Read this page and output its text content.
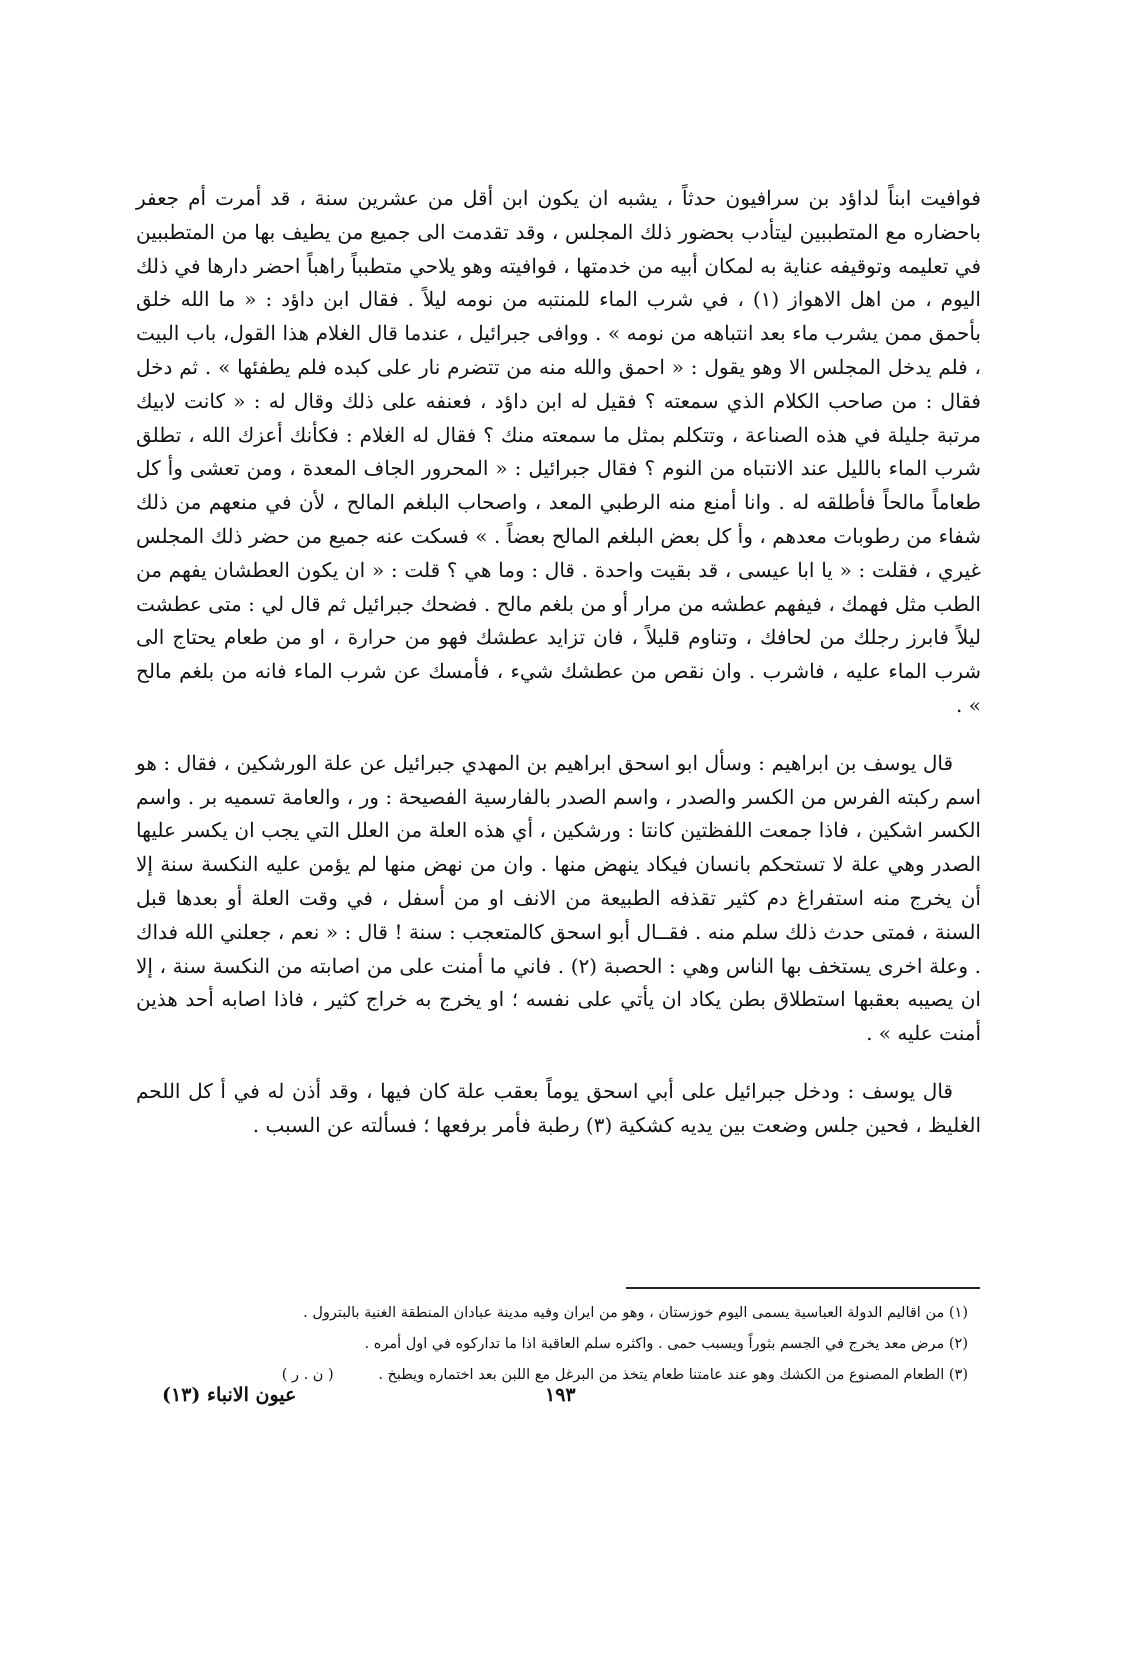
فوافيت ابناً لداؤد بن سرافيون حدثاً ، يشبه ان يكون ابن أقل من عشرين سنة ، قد أمرت أم جعفر باحضاره مع المتطببين ليتأدب بحضور ذلك المجلس ، وقد تقدمت الى جميع من يطيف بها من المتطببين في تعليمه وتوقيفه عناية به لمكان أبيه من خدمتها ، فوافيته وهو يلاحي متطبباً راهباً احضر دارها في ذلك اليوم ، من اهل الاهواز (١) ، في شرب الماء للمنتبه من نومه ليلاً . فقال ابن داؤد : « ما الله خلق بأحمق ممن يشرب ماء بعد انتباهه من نومه » . ووافى جبرائيل ، عندما قال الغلام هذا القول، باب البيت ، فلم يدخل المجلس الا وهو يقول : « احمق والله منه من تتضرم نار على كبده فلم يطفئها » . ثم دخل فقال : من صاحب الكلام الذي سمعته ؟ فقيل له ابن داؤد ، فعنفه على ذلك وقال له : « كانت لابيك مرتبة جليلة في هذه الصناعة ، وتتكلم بمثل ما سمعته منك ؟ فقال له الغلام : فكأنك أعزك الله ، تطلق شرب الماء بالليل عند الانتباه من النوم ؟ فقال جبرائيل : « المحرور الجاف المعدة ، ومن تعشى وأ كل طعاماً مالحاً فأطلقه له . وانا أمنع منه الرطبي المعد ، واصحاب البلغم المالح ، لأن في منعهم من ذلك شفاء من رطوبات معدهم ، وأ كل بعض البلغم المالح بعضاً . » فسكت عنه جميع من حضر ذلك المجلس غيري ، فقلت : « يا ابا عيسى ، قد بقيت واحدة . قال : وما هي ؟ قلت : « ان يكون العطشان يفهم من الطب مثل فهمك ، فيفهم عطشه من مرار أو من بلغم مالح . فضحك جبرائيل ثم قال لي : متى عطشت ليلاً فابرز رجلك من لحافك ، وتناوم قليلاً ، فان تزايد عطشك فهو من حرارة ، او من طعام يحتاج الى شرب الماء عليه ، فاشرب . وان نقص من عطشك شيء ، فأمسك عن شرب الماء فانه من بلغم مالح » .

قال يوسف بن ابراهيم : وسأل ابو اسحق ابراهيم بن المهدي جبرائيل عن علة الورشكين ، فقال : هو اسم ركبته الفرس من الكسر والصدر ، واسم الصدر بالفارسية الفصيحة : ور ، والعامة تسميه بر . واسم الكسر اشكين ، فاذا جمعت اللفظتين كانتا : ورشكين ، أي هذه العلة من العلل التي يجب ان يكسر عليها الصدر وهي علة لا تستحكم بانسان فيكاد ينهض منها . وان من نهض منها لم يؤمن عليه النكسة سنة إلا أن يخرج منه استفراغ دم كثير تقذفه الطبيعة من الانف او من أسفل ، في وقت العلة أو بعدها قبل السنة ، فمتى حدث ذلك سلم منه . فقــال أبو اسحق كالمتعجب : سنة ! قال : « نعم ، جعلني الله فداك . وعلة اخرى يستخف بها الناس وهي : الحصبة (٢) . فاني ما أمنت على من اصابته من النكسة سنة ، إلا ان يصيبه بعقبها استطلاق بطن يكاد ان يأتي على نفسه ؛ او يخرج به خراج كثير ، فاذا اصابه أحد هذين أمنت عليه » .

قال يوسف : ودخل جبرائيل على أبي اسحق يوماً بعقب علة كان فيها ، وقد أذن له في أ كل اللحم الغليظ ، فحين جلس وضعت بين يديه كشكية (٣) رطبة فأمر برفعها ؛ فسألته عن السبب .

(١) من اقاليم الدولة العباسية يسمى اليوم خوزستان ، وهو من ايران وفيه مدينة عبادان المنطقة الغنية بالبترول .

(٢) مرض معد يخرج في الجسم بثوراً ويسبب حمى . واكثره سلم العاقبة اذا ما تداركوه في اول أمره .

(٣) الطعام المصنوع من الكشك وهو عند عامتنا طعام يتخذ من البرغل مع اللبن بعد اختماره ويطبخ . ( ن . ر )

١٩٣
عيون الانباء (١٣)
